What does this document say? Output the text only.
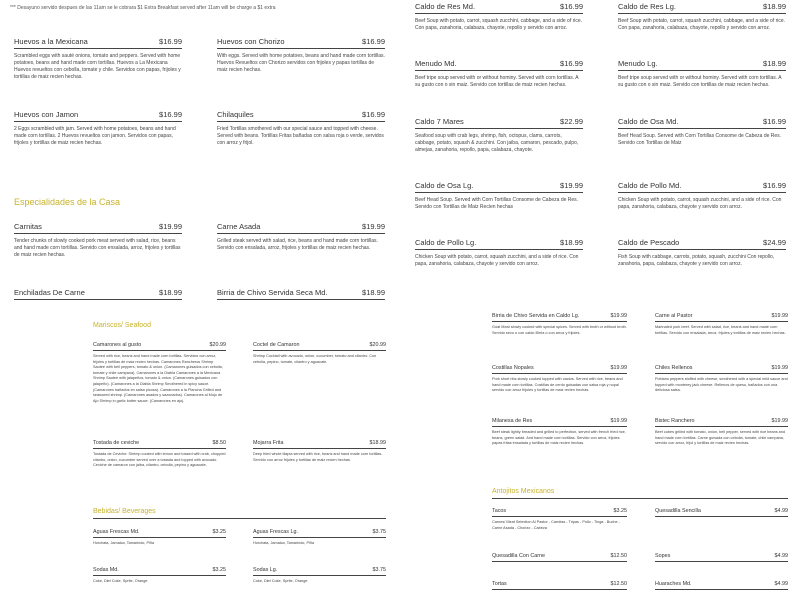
*** Desayuno servido despues de las 11am se le cobrara $1 Extra Breakfast served after 11am will be charge a $1 extra
Huevos a la Mexicana	$16.99
Scrambled eggs with sauté onions, tomato and peppers. Served with home potatoes, beans and hand made corn tortillas. Huevos a La Mexicana Huevos revueltos con cebolla, tomate y chile. Servidos con papas, frijoles y tortillas de maiz recien hechas.
Huevos con Jamon	$16.99
2 Eggs scrambled with jam. Served with home potatoes, beans and hand made corn tortillas. 2 Huevos revueltos con jamon. Servidos con papas, frijoles y tortillas de maiz recien hechas.
Huevos con Chorizo	$16.99
With eggs. Served with home potatoes, beans and hand made corn tortillas. Huevos Revueltos con Chorizo servidos con frijoles y papas tortillas de maiz recien hechas.
Chilaquiles	$16.99
Fried Tortillas smothered with our special sauce and topped with cheese. Served with beans. Tortillas Fritas bañadas con salsa roja o verde, servidos con arroz y frijol.
Especialidades de la Casa
Carnitas	$19.99
Tender chunks of slowly cooked pork meat served with salad, rice, beans and hand made corn tortillas. Servido con ensalada, arroz, frijoles y tortillas de maiz recien hechas.
Enchiladas De Carne	$18.99
Carne Asada	$19.99
Grilled steak served with salad, rice, beans and hand made corn tortillas. Servido con ensalada, arroz, frijoles y tortillas de maiz recien hechas.
Birria de Chivo Servida Seca Md.	$18.99
Mariscos/ Seafood
Camarones al gusto	$20.99
Served with rice, beans and hand made corn tortillas. Servidos con arroz, frijoles y tortillas de maiz recien hechas. Camarones Rancheros Shrimp Sauteé with bell peppers, tomato & onion. (Camarones guisados con cebolla, tomate y chile campana). Camarones a la Diabla Camarones a la Mexicana Shrimp Sauteé with jalapeños, tomato & onion. (Camarones guisados con jalapeño). (Camarones a la Diabla Shrimp Smothered in spicy sauce. (Camarones bañados en salsa picosa). Camarones a la Plancha Grilled and seasoned shrimp. (Camarones asados y sazonados). Camarones al Mojo de Ajo Shrimp in garlic butter sauce. (Camarones en ajo).
Tostada de ceviche	$8.50
Tostada de Ceviche: Shrimp cooked with lemon and tossed with crab, chopped cilantro, onion, cucumber served over a tostada and topped with avocado. Ceviche de camaron con jaiba, cilantro, cebolla, pepino y aguacate.
Coctel de Camaron	$20.99
Shrimp Cocktail with avocado, onion, cucumber, tomato and cilantro. Con cebolla, pepino, tomate, cilantro y aguacate.
Mojarra Frita	$18.99
Deep fried whole tilapia served with rice, beans and hand made corn tortillas. Servido con arroz frijoles y tortillas de maiz recien hechas.
Bebidas/ Beverages
Aguas Frescas Md.	$3.25
Horchata, Jamaica, Tamarindo, Piña
Sodas Md.	$3.25
Coke, Diet Coke, Sprite, Orange
Aguas Frescas Lg.	$3.75
Horchata, Jamaica, Tamarindo, Piña
Sodas Lg.	$3.75
Coke, Diet Coke, Sprite, Orange
Caldo de Res Md.	$16.99
Beef Soup with potato, carrot, squash zucchini, cabbage, and a side of rice. Con papa, zanahoria, calabaza, chayote, repollo y servido con arroz.
Menudo Md.	$16.99
Beef tripe soup served with or without hominy. Served with corn tortillas. A su gusto con o sin maiz. Servido con tortillas de maiz recien hechas.
Caldo 7 Mares	$22.99
Seafood soup with crab legs, shrimp, fish, octopus, clams, carrots, cabbage, potato, squash & zucchini. Con jaiba, camaron, pescado, pulpo, almejas, zanahoria, repollo, papa, calabaza, chayote.
Caldo de Osa Lg.	$19.99
Beef Head Soup. Served with Corn Tortillas Consome de Cabeza de Res. Servido con Tortillas de Maiz Recien hechas
Caldo de Pollo Lg.	$18.99
Chicken Soup with potato, carrot, squash zucchini, and a side of rice. Con papa, zanahoria, calabaza, chayote y servido con arroz.
Caldo de Res Lg.	$18.99
Beef Soup with potato, carrot, squash zucchini, cabbage, and a side of rice. Con papa, zanahoria, calabaza, chayote, repollo y servido con arroz.
Menudo Lg.	$18.99
Beef tripe soup served with or without hominy. Served with corn tortillas. A su gusto con o sin maiz. Servido con tortillas de maiz recien hechas.
Caldo de Osa Md.	$16.99
Beef Head Soup. Served with Corn Tortillas Consome de Cabeza de Res. Servido con Tortillas de Maiz
Caldo de Pollo Md.	$16.99
Chicken Soup with potato, carrot, squash zucchini, and a side of rice. Con papa, zanahoria, calabaza, chayote y servido con arroz.
Caldo de Pescado	$24.99
Fish Soup with cabbage, carrots, potato, squash, zucchini Con repollo, zanahoria, papa, calabaza, chayote y servido con arroz.
Birria de Chivo Servida en Caldo Lg.	$19.99
Goat Meat slowly cooked with special spices. Served with broth or without broth. Servido seco o con caldo Birria o con arroz y frijoles.
Costillas Nopales	$19.99
Pork short ribs slowly cooked topped with cactus. Served with rice, beans and hand made corn tortillas. Costillas de cerdo guisadas con salsa roja y nopal servido con arroz frijoles y tortillas de maiz recien hechas.
Milanesa de Res	$19.99
Beef steak lightly breaded and grilled to perfection, served with french fried rice, beans, green salad. And hand made corn tortillas. Servido con arroz, frijoles papas fritas ensalada y tortillas de maiz recien hechas.
Carne al Pastor	$19.99
Marinated pork beef. Served with salad, rice, beans and hand made corn tortillas. Servido con ensalada, arroz, frijoles y tortillas de maiz recien hechas.
Chiles Rellenos	$19.99
Poblano peppers stuffed with cheese, smothered with a special mild sauce and topped with monterey jack cheese. Rellenos de queso, bañados con una deliciosa salsa.
Bistec Ranchero	$19.99
Beef cubes grilled with tomato, onion, bell pepper, served with rice beans and hand made corn tortillas. Carne guisada con cebolla, tomate, chile campana, servido con arroz, frijol y tortillas de maiz recien hechas.
Antojitos Mexicanos
Tacos	$3.25
Carnes/ Meat Selection Al Pastor - Carnitas - Tripas - Pollo - Tinga - Buche - Carne Asada - Chorizo - Cabeza
Quesadilla Con Carne	$12.50
Tortas	$12.50
Quesadilla Sencilla	$4.99
Sopes	$4.99
Huaraches Md.	$4.99
